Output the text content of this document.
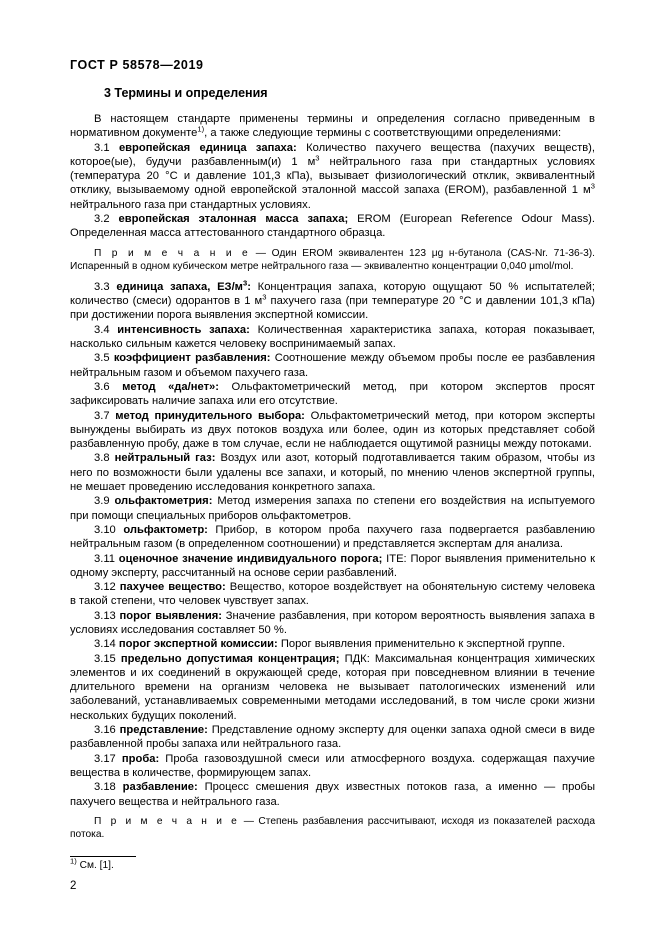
ГОСТ Р 58578—2019
3 Термины и определения

В настоящем стандарте применены термины и определения согласно приведенным в нормативном документе$^{1)}$, а также следующие термины с соответствующими определениями:

3.1 европейская единица запаха: Количество пахучего вещества (пахучих веществ), которое(ые), будучи разбавленным(и) 1 $м^3$ нейтрального газа при стандартных условиях (температура 20 °C и давление 101,3 кПа), вызывает физиологический отклик, эквивалентный отклику, вызываемому одной европейской эталонной массой запаха (EROM), разбавленной 1 $м^3$ нейтрального газа при стандартных условиях.

3.2 европейская эталонная масса запаха; EROM (European Reference Odour Mass). Определенная масса аттестованного стандартного образца.

П р и м е ч а н и е — Один EROM эквивалентен 123 μg н-бутанола (CAS-Nr. 71-36-3). Испаренный в одном кубическом метре нейтрального газа — эквивалентно концентрации 0,040 μmol/mol.

3.3 единица запаха, $ЕЗ/м^3$: Концентрация запаха, которую ощущают 50 % испытателей; количество (смеси) одорантов в 1 $м^3$ пахучего газа (при температуре 20 °C и давлении 101,3 кПа) при достижении порога выявления экспертной комиссии.

3.4 интенсивность запаха: Количественная характеристика запаха, которая показывает, насколько сильным кажется человеку воспринимаемый запах.

3.5 коэффициент разбавления: Соотношение между объемом пробы после ее разбавления нейтральным газом и объемом пахучего газа.

3.6 метод «да/нет»: Ольфактометрический метод, при котором экспертов просят зафиксировать наличие запаха или его отсутствие.

3.7 метод принудительного выбора: Ольфактометрический метод, при котором эксперты вынуждены выбирать из двух потоков воздуха или более, один из которых представляет собой разбавленную пробу, даже в том случае, если не наблюдается ощутимой разницы между потоками.

3.8 нейтральный газ: Воздух или азот, который подготавливается таким образом, чтобы из него по возможности были удалены все запахи, и который, по мнению членов экспертной группы, не мешает проведению исследования конкретного запаха.

3.9 ольфактометрия: Метод измерения запаха по степени его воздействия на испытуемого при помощи специальных приборов ольфактометров.

3.10 ольфактометр: Прибор, в котором проба пахучего газа подвергается разбавлению нейтральным газом (в определенном соотношении) и представляется экспертам для анализа.

3.11 оценочное значение индивидуального порога; ITE: Порог выявления применительно к одному эксперту, рассчитанный на основе серии разбавлений.

3.12 пахучее вещество: Вещество, которое воздействует на обонятельную систему человека в такой степени, что человек чувствует запах.

3.13 порог выявления: Значение разбавления, при котором вероятность выявления запаха в условиях исследования составляет 50 %.

3.14 порог экспертной комиссии: Порог выявления применительно к экспертной группе.

3.15 предельно допустимая концентрация; ПДК: Максимальная концентрация химических элементов и их соединений в окружающей среде, которая при повседневном влиянии в течение длительного времени на организм человека не вызывает патологических изменений или заболеваний, устанавливаемых современными методами исследований, в том числе сроки жизни нескольких будущих поколений.

3.16 представление: Представление одному эксперту для оценки запаха одной смеси в виде разбавленной пробы запаха или нейтрального газа.

3.17 проба: Проба газовоздушной смеси или атмосферного воздуха. содержащая пахучие вещества в количестве, формирующем запах.

3.18 разбавление: Процесс смешения двух известных потоков газа, а именно — пробы пахучего вещества и нейтрального газа.

П р и м е ч а н и е — Степень разбавления рассчитывают, исходя из показателей расхода потока.

$^{1)}$ См. [1].
2
